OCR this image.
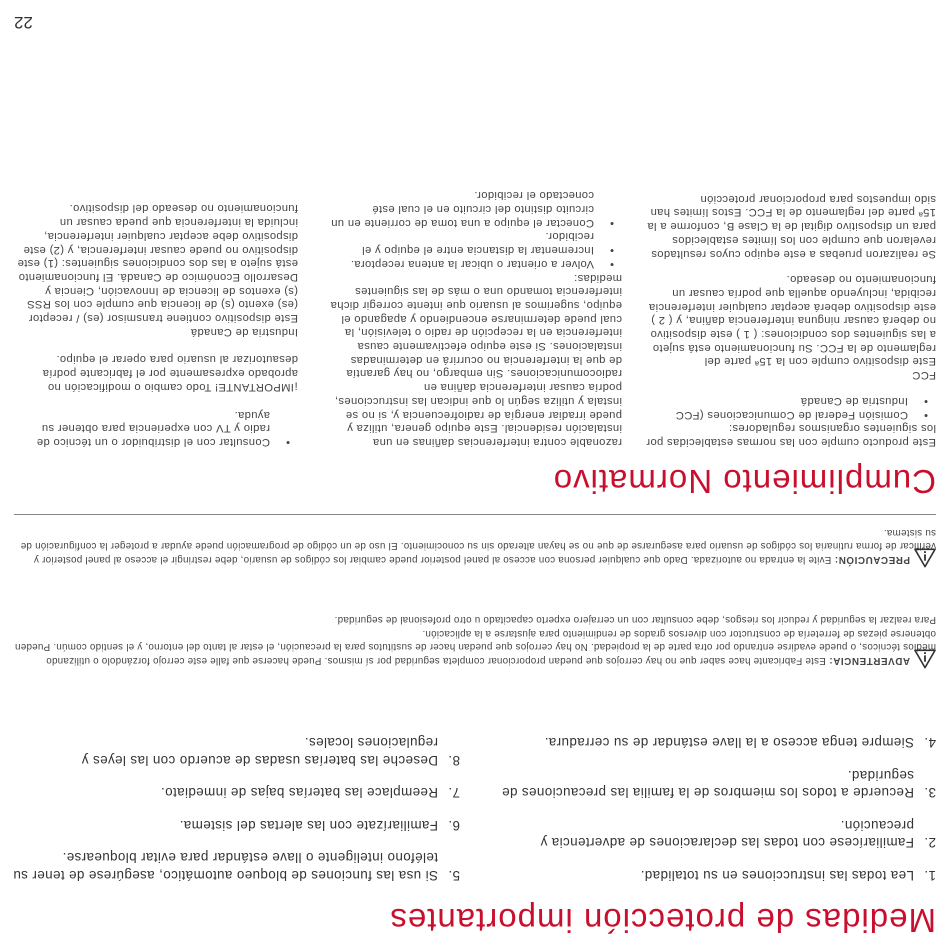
Medidas de protección importantes
1.
Lea todas las instrucciones en su totalidad.
2.
Familiarícese con todas las declaraciones de advertencia y precaución.
3.
Recuerde a todos los miembros de la familia las precauciones de seguridad.
4.
Siempre tenga acceso a la llave estándar de su cerradura.
5.
Si usa las funciones de bloqueo automático, asegúrese de tener su teléfono inteligente o llave estándar para evitar bloquearse.
6.
Familiarízate con las alertas del sistema.
7.
Reemplace las baterías bajas de inmediato.
8.
Deseche las baterías usadas de acuerdo con las leyes y regulaciones locales.

ADVERTENCIA: Este Fabricante hace saber que no hay cerrojos que puedan proporcionar completa seguridad por sí mismos. Puede hacerse que falle este cerrojo forzándolo o utilizando medios técnicos, o puede evadirse entrando por otra parte de la propiedad. No hay cerrojos que puedan hacer de sustitutos para la precaución, el estar al tanto del entorno, y el sentido común. Pueden obtenerse piezas de ferretería de constructor con diversos grados de rendimiento para ajustarse a la aplicación.

Para realzar la seguridad y reducir los riesgos, debe consultar con un cerrajero experto capacitado u otro profesional de seguridad.

PRECAUCIÓN: Evite la entrada no autorizada. Dado que cualquier persona con acceso al panel posterior puede cambiar los códigos de usuario, debe restringir el acceso al panel posterior y verificar de forma rutinaria los códigos de usuario para asegurarse de que no se hayan alterado sin su conocimiento. El uso de un código de programación puede ayudar a proteger la configuración de su sistema.

Cumplimiento Normativo

Este producto cumple con las normas establecidas por los siguientes organismos reguladores:

• Comisión Federal de Comunicaciones (FCC
• Industria de Canadá

FCC

Este dispositivo cumple con la 15ª parte del reglamento de la FCC. Su funcionamiento está sujeto a las siguientes dos condiciones: ( 1 ) este dispositivo no deberá causar ninguna interferencia dañina, y ( 2 ) este dispositivo deberá aceptar cualquier interferencia recibida, incluyendo aquella que podría causar un funcionamiento no deseado.

Se realizaron pruebas a este equipo cuyos resultados revelaron que cumple con los límites establecidos para un dispositivo digital de la Clase B, conforme a la 15ª parte del reglamento de la FCC. Estos límites han sido impuestos para proporcionar protección

razonable contra interferencias dañinas en una instalación residencial. Este equipo genera, utiliza y puede irradiar energía de radiofrecuencia y, si no se instala y utiliza según lo que indican las instrucciones, podría causar interferencia dañina en radiocomunicaciones. Sin embargo, no hay garantía de que la interferencia no ocurrirá en determinadas instalaciones. Si este equipo efectivamente causa interferencia en la recepción de radio o televisión, la cual puede determinarse encendiendo y apagando el equipo, sugerimos al usuario que intente corregir dicha interferencia tomando una o más de las siguientes medidas:

• Volver a orientar o ubicar la antena receptora.
• Incrementar la distancia entre el equipo y el recibidor.
• Conectar el equipo a una toma de corriente en un circuito distinto del circuito en el cual esté conectado el recibidor.
• Consultar con el distribuidor o un técnico de radio y TV con experiencia para obtener su ayuda.

¡IMPORTANTE! Todo cambio o modificación no aprobado expresamente por el fabricante podría desautorizar al usuario para operar el equipo.

Industria de Canadá

Este dispositivo contiene transmisor (es) / receptor (es) exento (s) de licencia que cumple con los RSS (s) exentos de licencia de Innovación, Ciencia y Desarrollo Económico de Canadá. El funcionamiento está sujeto a las dos condiciones siguientes: (1) este dispositivo no puede causar interferencia, y (2) este dispositivo debe aceptar cualquier interferencia, incluida la interferencia que pueda causar un funcionamiento no deseado del dispositivo.

22
